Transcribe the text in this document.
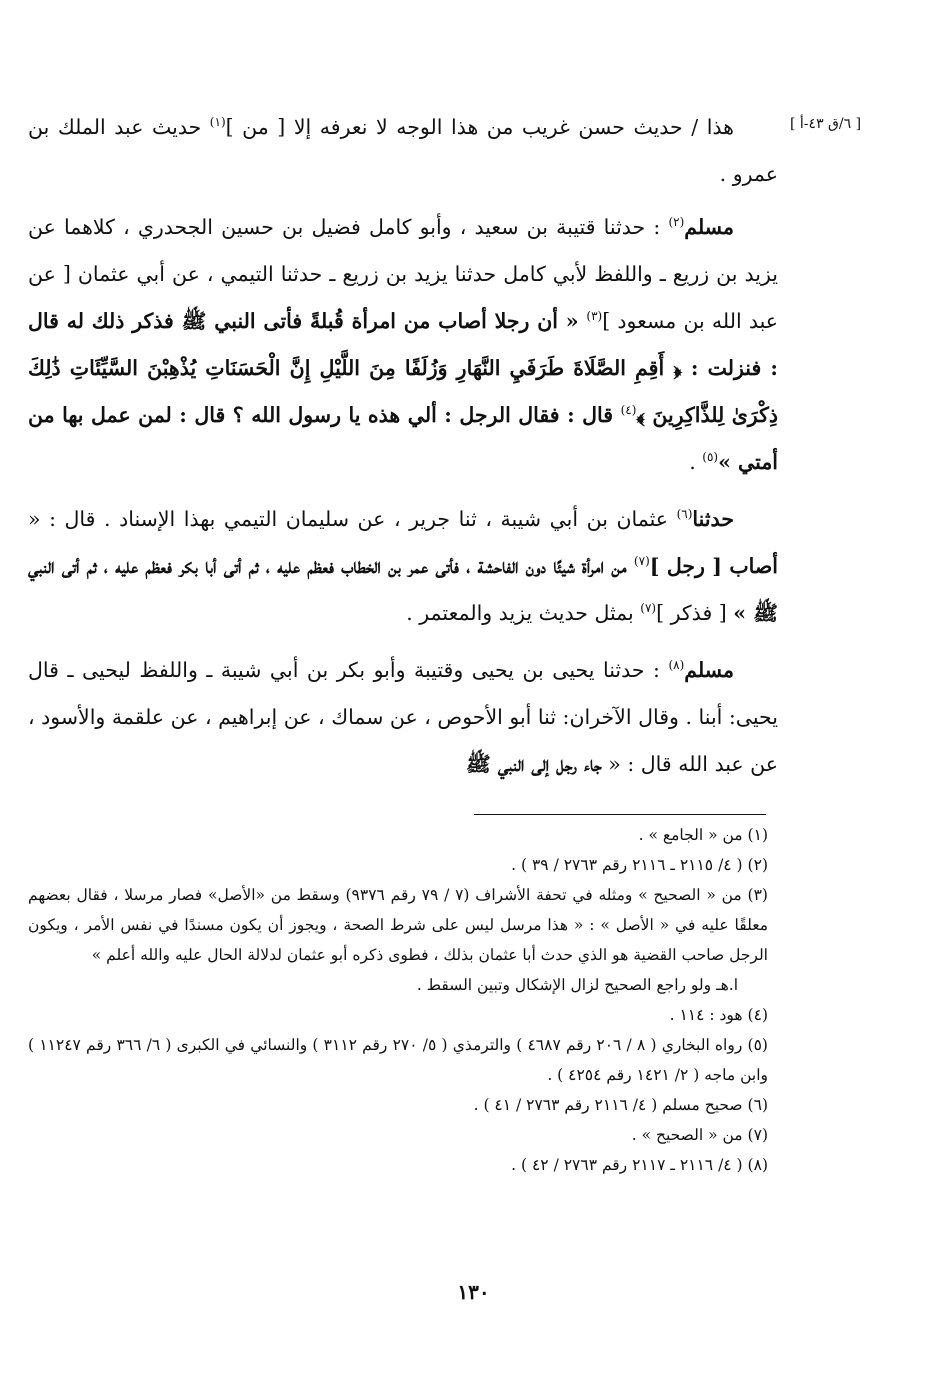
[ ٦/ق ٤٣-أ ]

هذا / حديث حسن غريب من هذا الوجه لا نعرفه إلا [ من ]$^{(١)}$ حديث عبد الملك بن عمرو .

مسلم$^{(٢)}$ : حدثنا قتيبة بن سعيد ، وأبو كامل فضيل بن حسين الجحدري ، كلاهما عن يزيد بن زريع ـ واللفظ لأبي كامل حدثنا يزيد بن زريع ـ حدثنا التيمي ، عن أبي عثمان [ عن عبد الله بن مسعود ]$^{(٣)}$ « أن رجلا أصاب من امرأة قُبلةً فأتى النبي ﷺ فذكر ذلك له قال : فنزلت : ﴿ أَقِمِ الصَّلَاةَ طَرَفَيِ النَّهَارِ وَزُلَفًا مِنَ اللَّيْلِ إِنَّ الْحَسَنَاتِ يُذْهِبْنَ السَّيِّئَاتِ ذَٰلِكَ ذِكْرَىٰ لِلذَّاكِرِينَ ﴾$^{(٤)}$ قال : فقال الرجل : ألي هذه يا رسول الله ؟ قال : لمن عمل بها من أمتي »$^{(٥)}$ .

حدثنا$^{(٦)}$ عثمان بن أبي شيبة ، ثنا جرير ، عن سليمان التيمي بهذا الإسناد . قال : « أصاب [ رجل ]$^{(٧)}$ من امرأة شيئًا دون الفاحشة ، فأتى عمر بن الخطاب فعظم عليه ، ثم أتى أبا بكر فعظم عليه ، ثم أتى النبي ﷺ » [ فذكر ]$^{(٧)}$ بمثل حديث يزيد والمعتمر .

مسلم$^{(٨)}$ : حدثنا يحيى بن يحيى وقتيبة وأبو بكر بن أبي شيبة ـ واللفظ ليحيى ـ قال يحيى: أبنا . وقال الآخران: ثنا أبو الأحوص ، عن سماك ، عن إبراهيم ، عن علقمة والأسود ، عن عبد الله قال : « جاء رجل إلى النبي ﷺ

(١) من « الجامع » .
(٢) ( ٤/ ٢١١٥ ـ ٢١١٦ رقم ٢٧٦٣ / ٣٩ ) .
(٣) من « الصحيح » ومثله في تحفة الأشراف (٧ / ٧٩ رقم ٩٣٧٦) وسقط من «الأصل» فصار مرسلا ، فقال بعضهم معلقًا عليه في « الأصل » : « هذا مرسل ليس على شرط الصحة ، ويجوز أن يكون مسندًا في نفس الأمر ، ويكون الرجل صاحب القضية هو الذي حدث أبا عثمان بذلك ، فطوى ذكره أبو عثمان لدلالة الحال عليه والله أعلم »
ا.هـ ولو راجع الصحيح لزال الإشكال وتبين السقط .
(٤) هود : ١١٤ .
(٥) رواه البخاري ( ٨ / ٢٠٦ رقم ٤٦٨٧ ) والترمذي ( ٥/ ٢٧٠ رقم ٣١١٢ ) والنسائي في الكبرى ( ٦/ ٣٦٦ رقم ١١٢٤٧ ) وابن ماجه ( ٢/ ١٤٢١ رقم ٤٢٥٤ ) .
(٦) صحيح مسلم ( ٤/ ٢١١٦ رقم ٢٧٦٣ / ٤١ ) .
(٧) من « الصحيح » .
(٨) ( ٤/ ٢١١٦ ـ ٢١١٧ رقم ٢٧٦٣ / ٤٢ ) .
١٣٠
